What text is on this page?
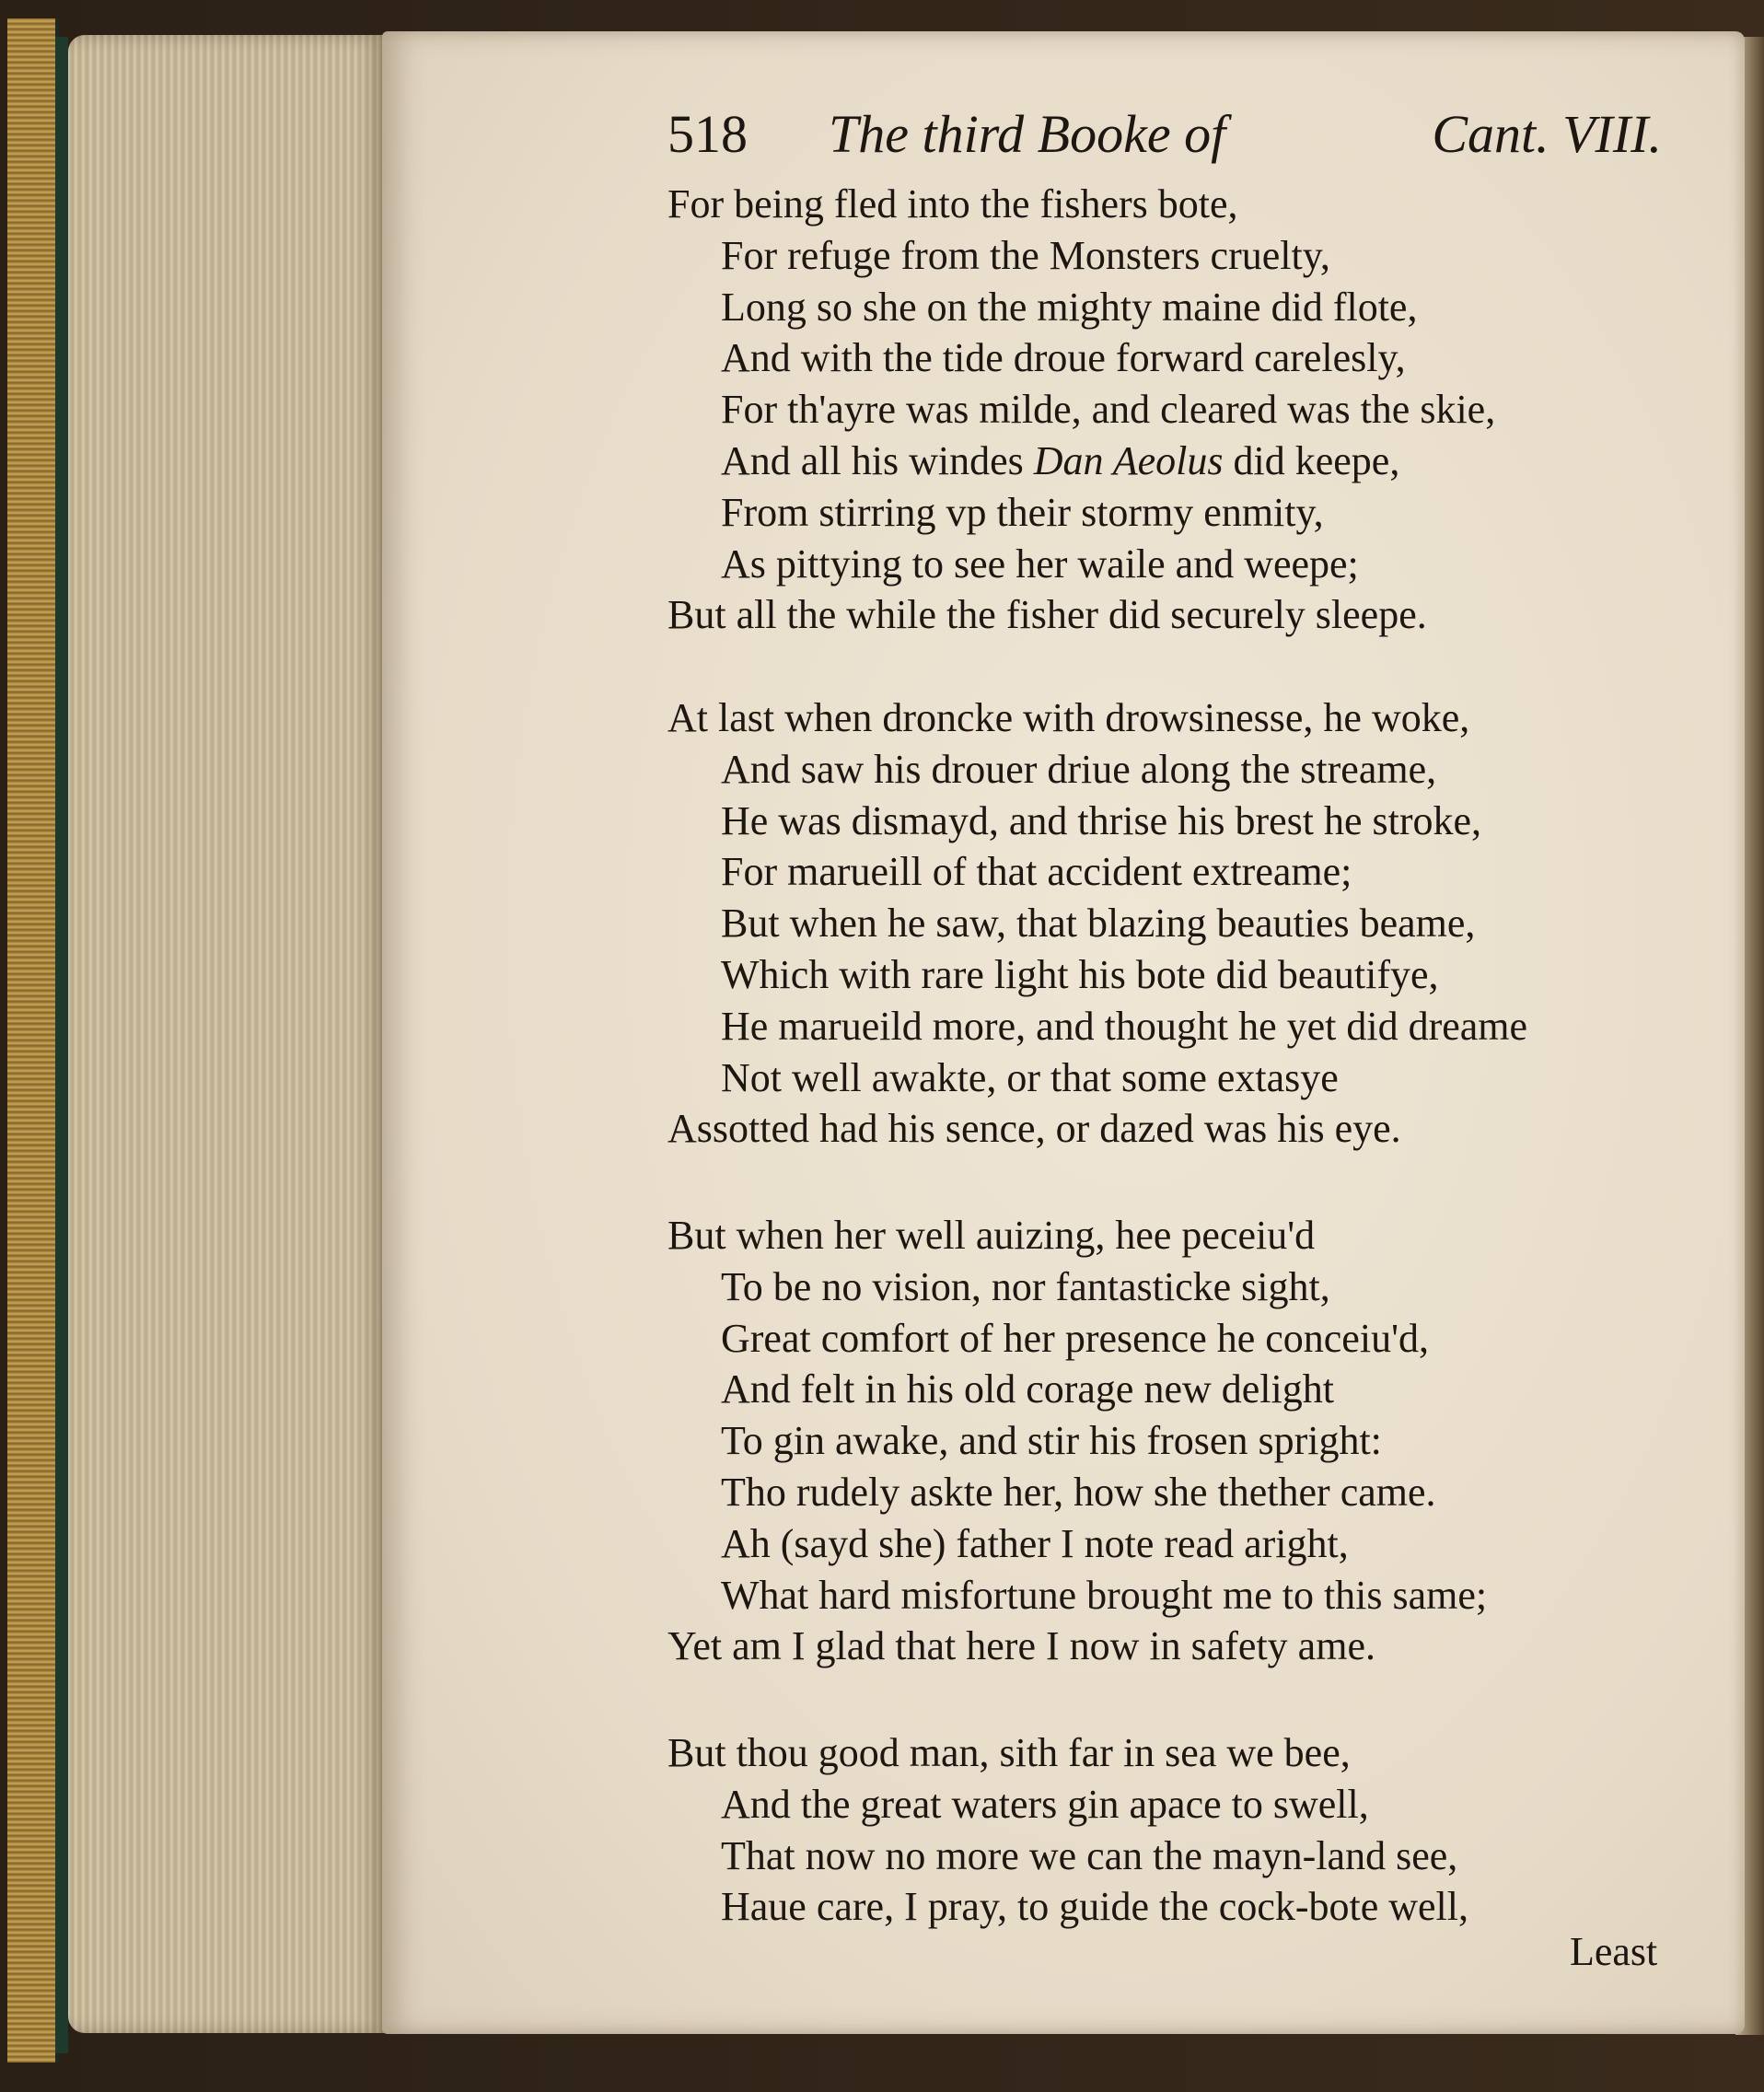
518 The third Booke of	Cant. VIII.
For being fled into the fishers bote,
For refuge from the Monsters cruelty,
Long so she on the mighty maine did flote,
And with the tide droue forward carelesly,
For th'ayre was milde, and cleared was the skie,
And all his windes Dan Aeolus did keepe,
From stirring vp their stormy enmity,
As pittying to see her waile and weepe;
But all the while the fisher did securely sleepe.
At last when droncke with drowsinesse, he woke,
And saw his drouer driue along the streame,
He was dismayd, and thrise his brest he stroke,
For marueill of that accident extreame;
But when he saw, that blazing beauties beame,
Which with rare light his bote did beautifye,
He marueild more, and thought he yet did dreame
Not well awakte, or that some extasye
Assotted had his sence, or dazed was his eye.
But when her well auizing, hee peceiu'd
To be no vision, nor fantasticke sight,
Great comfort of her presence he conceiu'd,
And felt in his old corage new delight
To gin awake, and stir his frosen spright:
Tho rudely askte her, how she thether came.
Ah (sayd she) father I note read aright,
What hard misfortune brought me to this same;
Yet am I glad that here I now in safety ame.
But thou good man, sith far in sea we bee,
And the great waters gin apace to swell,
That now no more we can the mayn-land see,
Haue care, I pray, to guide the cock-bote well,
Least
